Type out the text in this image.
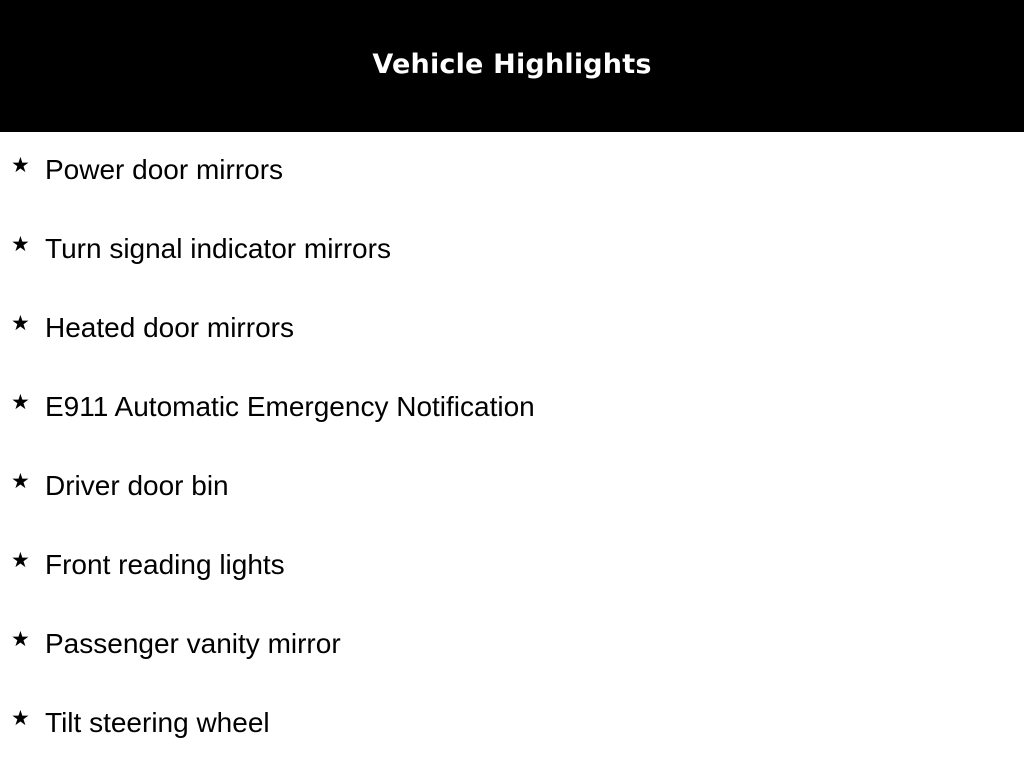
Vehicle Highlights
★ Power door mirrors
★ Turn signal indicator mirrors
★ Heated door mirrors
★ E911 Automatic Emergency Notification
★ Driver door bin
★ Front reading lights
★ Passenger vanity mirror
★ Tilt steering wheel
